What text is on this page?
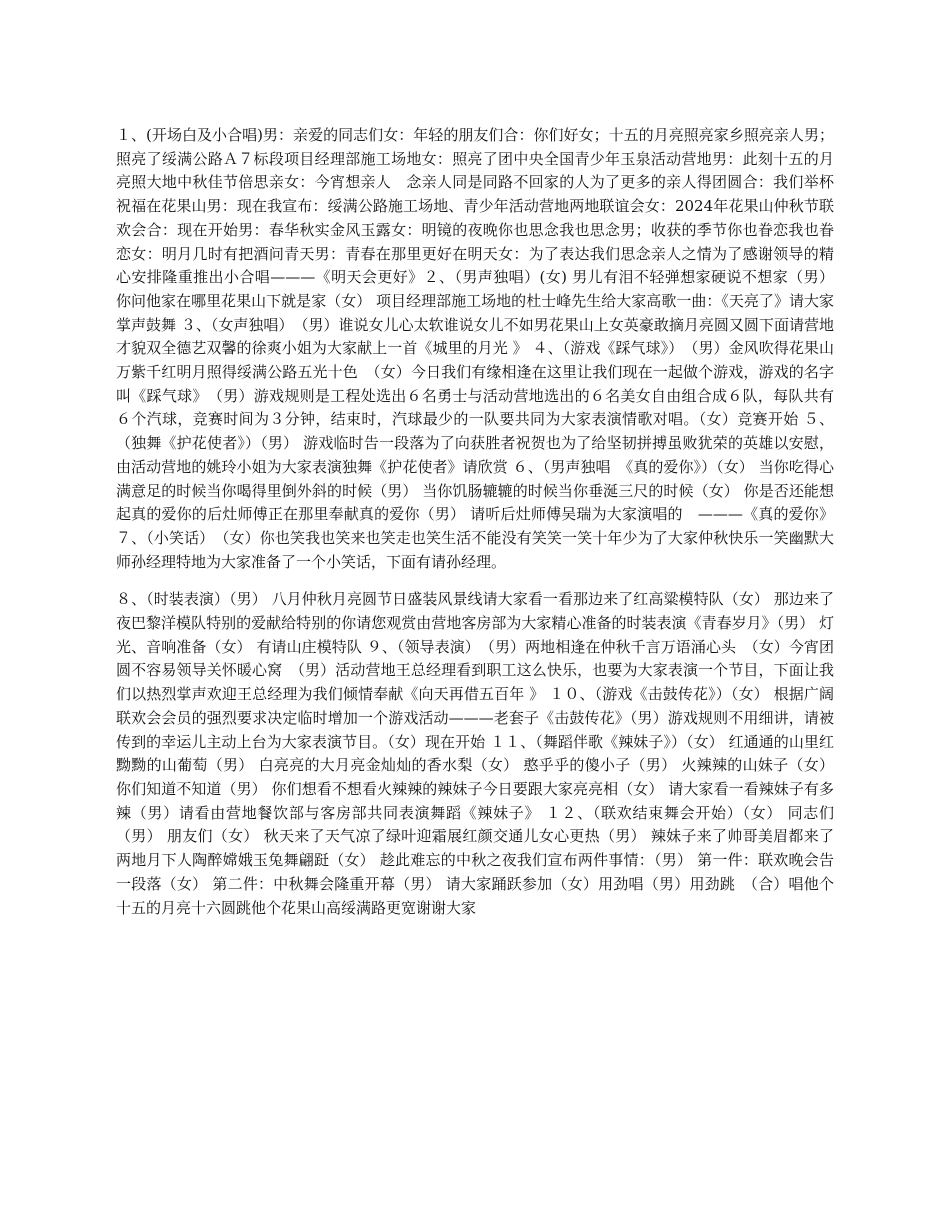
１、(开场白及小合唱)男：亲爱的同志们女：年轻的朋友们合：你们好女；十五的月亮照亮家乡照亮亲人男；照亮了绥满公路Ａ７标段项目经理部施工场地女：照亮了团中央全国青少年玉泉活动营地男：此刻十五的月亮照大地中秋佳节倍思亲女：今宵想亲人　念亲人同是同路不回家的人为了更多的亲人得团圆合：我们举杯祝福在花果山男：现在我宣布：绥满公路施工场地、青少年活动营地两地联谊会女：2024年花果山仲秋节联欢会合：现在开始男：春华秋实金风玉露女：明镜的夜晚你也思念我也思念男；收获的季节你也眷恋我也眷恋女：明月几时有把酒问青天男：青春在那里更好在明天女：为了表达我们思念亲人之情为了感谢领导的精心安排隆重推出小合唱———《明天会更好》２、（男声独唱）(女) 男儿有泪不轻弹想家硬说不想家（男） 你问他家在哪里花果山下就是家（女） 项目经理部施工场地的杜士峰先生给大家高歌一曲：《天亮了》请大家掌声鼓舞 ３、（女声独唱）　（男）谁说女儿心太软谁说女儿不如男花果山上女英豪敢摘月亮圆又圆下面请营地才貌双全德艺双馨的徐爽小姐为大家献上一首《城里的月光 》 ４、（游戏《踩气球》）　（男）金风吹得花果山万紫千红明月照得绥满公路五光十色　（女）今日我们有缘相逢在这里让我们现在一起做个游戏，游戏的名字叫《踩气球》　（男）游戏规则是工程处选出６名勇士与活动营地选出的６名美女自由组合成６队，每队共有６个汽球，竞赛时间为３分钟，结束时，汽球最少的一队要共同为大家表演情歌对唱。（女）竞赛开始 ５、（独舞《护花使者》）（男） 游戏临时告一段落为了向获胜者祝贺也为了给坚韧拼搏虽败犹荣的英雄以安慰，由活动营地的姚玲小姐为大家表演独舞《护花使者》请欣赏 ６、（男声独唱　《真的爱你》）（女） 当你吃得心满意足的时候当你喝得里倒外斜的时候（男） 当你饥肠辘辘的时候当你垂涎三尺的时候（女） 你是否还能想起真的爱你的后灶师傅正在那里奉献真的爱你（男） 请听后灶师傅吴瑞为大家演唱的　———《真的爱你》 ７、（小笑话）　（女）你也笑我也笑来也笑走也笑生活不能没有笑笑一笑十年少为了大家仲秋快乐一笑幽默大师孙经理特地为大家准备了一个小笑话，下面有请孙经理。

８、（时装表演）（男） 八月仲秋月亮圆节日盛装风景线请大家看一看那边来了红高粱模特队（女） 那边来了夜巴黎洋模队特别的爱献给特别的你请您观赏由营地客房部为大家精心准备的时装表演《青春岁月》（男） 灯光、音响准备（女） 有请山庄模特队 ９、（领导表演）　（男）两地相逢在仲秋千言万语涌心头　（女）今宵团圆不容易领导关怀暖心窝　（男）活动营地王总经理看到职工这么快乐，也要为大家表演一个节目，下面让我们以热烈掌声欢迎王总经理为我们倾情奉献《向天再借五百年 》 １０、（游戏《击鼓传花》）（女） 根据广阔联欢会会员的强烈要求决定临时增加一个游戏活动———老套子《击鼓传花》（男）游戏规则不用细讲，请被传到的幸运儿主动上台为大家表演节目。（女）现在开始 １１、（舞蹈伴歌《辣妹子》）（女） 红通通的山里红黝黝的山葡萄（男） 白亮亮的大月亮金灿灿的香水梨（女） 憨乎乎的傻小子（男） 火辣辣的山妹子（女） 你们知道不知道（男） 你们想看不想看火辣辣的辣妹子今日要跟大家亮亮相（女） 请大家看一看辣妹子有多辣（男）请看由营地餐饮部与客房部共同表演舞蹈《辣妹子》 １２、（联欢结束舞会开始）（女） 同志们（男） 朋友们（女） 秋天来了天气凉了绿叶迎霜展红颜交通儿女心更热（男） 辣妹子来了帅哥美眉都来了两地月下人陶醉嫦娥玉兔舞翩跹（女） 趁此难忘的中秋之夜我们宣布两件事情：（男） 第一件：联欢晚会告一段落（女） 第二件：中秋舞会隆重开幕（男） 请大家踊跃参加（女）用劲唱（男）用劲跳　（合）唱他个十五的月亮十六圆跳他个花果山高绥满路更宽谢谢大家
